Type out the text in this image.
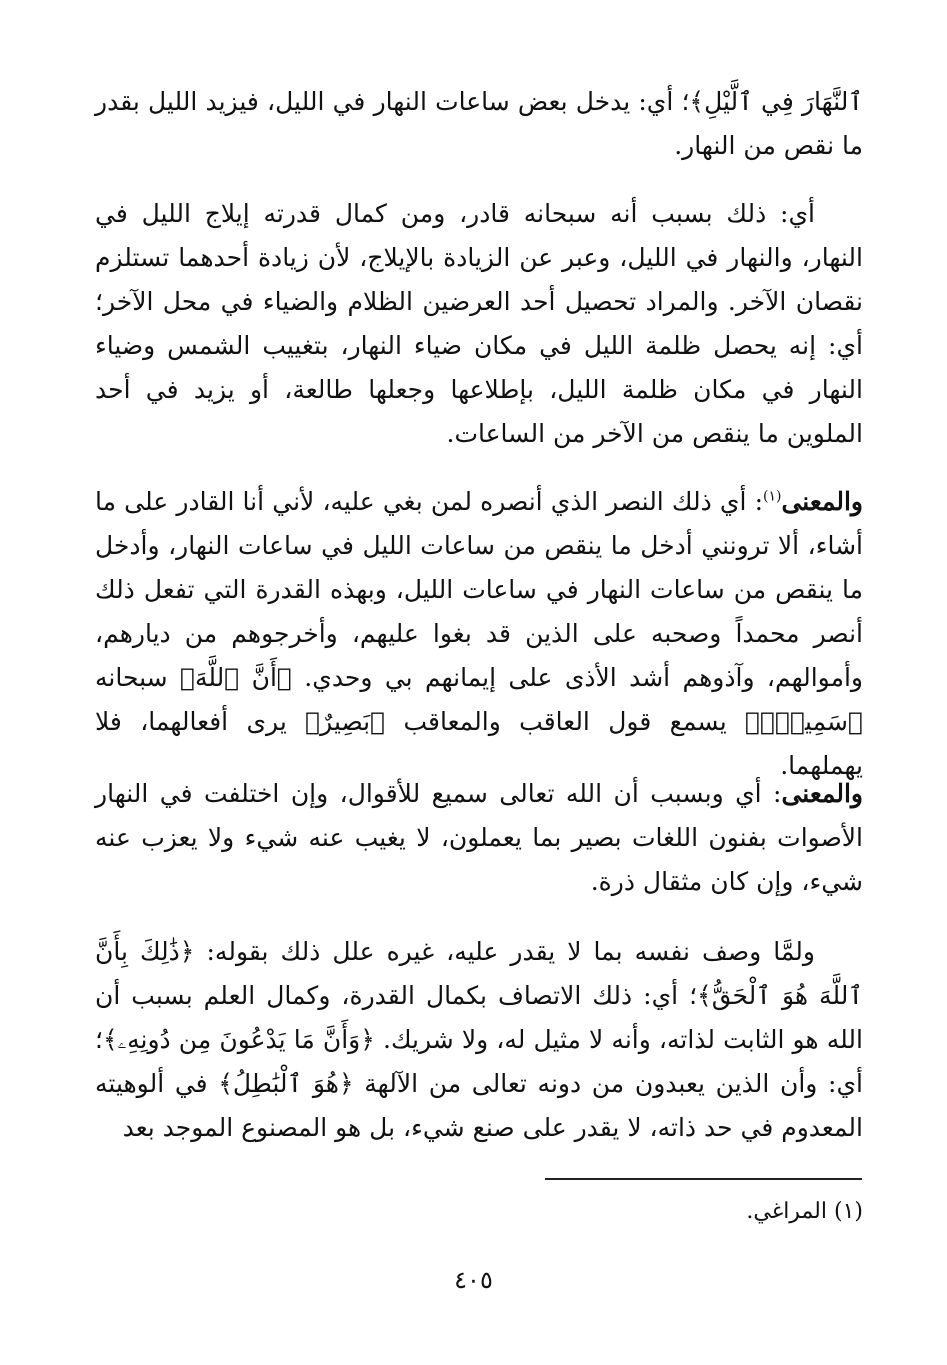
ٱلنَّهَارَ فِي ٱلَّيْلِ﴾؛ أي: يدخل بعض ساعات النهار في الليل، فيزيد الليل بقدر ما نقص من النهار.

أي: ذلك بسبب أنه سبحانه قادر، ومن كمال قدرته إيلاج الليل في النهار، والنهار في الليل، وعبر عن الزيادة بالإيلاج، لأن زيادة أحدهما تستلزم نقصان الآخر. والمراد تحصيل أحد العرضين الظلام والضياء في محل الآخر؛ أي: إنه يحصل ظلمة الليل في مكان ضياء النهار، بتغييب الشمس وضياء النهار في مكان ظلمة الليل، بإطلاعها وجعلها طالعة، أو يزيد في أحد الملوين ما ينقص من الآخر من الساعات.

والمعنى$^{(١)}$: أي ذلك النصر الذي أنصره لمن بغي عليه، لأني أنا القادر على ما أشاء، ألا ترونني أدخل ما ينقص من ساعات الليل في ساعات النهار، وأدخل ما ينقص من ساعات النهار في ساعات الليل، وبهذه القدرة التي تفعل ذلك أنصر محمداً وصحبه على الذين قد بغوا عليهم، وأخرجوهم من ديارهم، وأموالهم، وآذوهم أشد الأذى على إيمانهم بي وحدي. ﴿أَنَّ ٱللَّهَ﴾ سبحانه ﴿سَمِيعٌۢ﴾ يسمع قول العاقب والمعاقب ﴿بَصِيرٌ﴾ يرى أفعالهما، فلا يهملهما.

والمعنى: أي وبسبب أن الله تعالى سميع للأقوال، وإن اختلفت في النهار الأصوات بفنون اللغات بصير بما يعملون، لا يغيب عنه شيء ولا يعزب عنه شيء، وإن كان مثقال ذرة.

ولمَّا وصف نفسه بما لا يقدر عليه، غيره علل ذلك بقوله: ﴿ذَٰلِكَ بِأَنَّ ٱللَّهَ هُوَ ٱلْحَقُّ﴾؛ أي: ذلك الاتصاف بكمال القدرة، وكمال العلم بسبب أن الله هو الثابت لذاته، وأنه لا مثيل له، ولا شريك. ﴿وَأَنَّ مَا يَدْعُونَ مِن دُونِهِۦ﴾؛ أي: وأن الذين يعبدون من دونه تعالى من الآلهة ﴿هُوَ ٱلْبَٰطِلُ﴾ في ألوهيته المعدوم في حد ذاته، لا يقدر على صنع شيء، بل هو المصنوع الموجد بعد

(١) المراغي.

٤٠٥
